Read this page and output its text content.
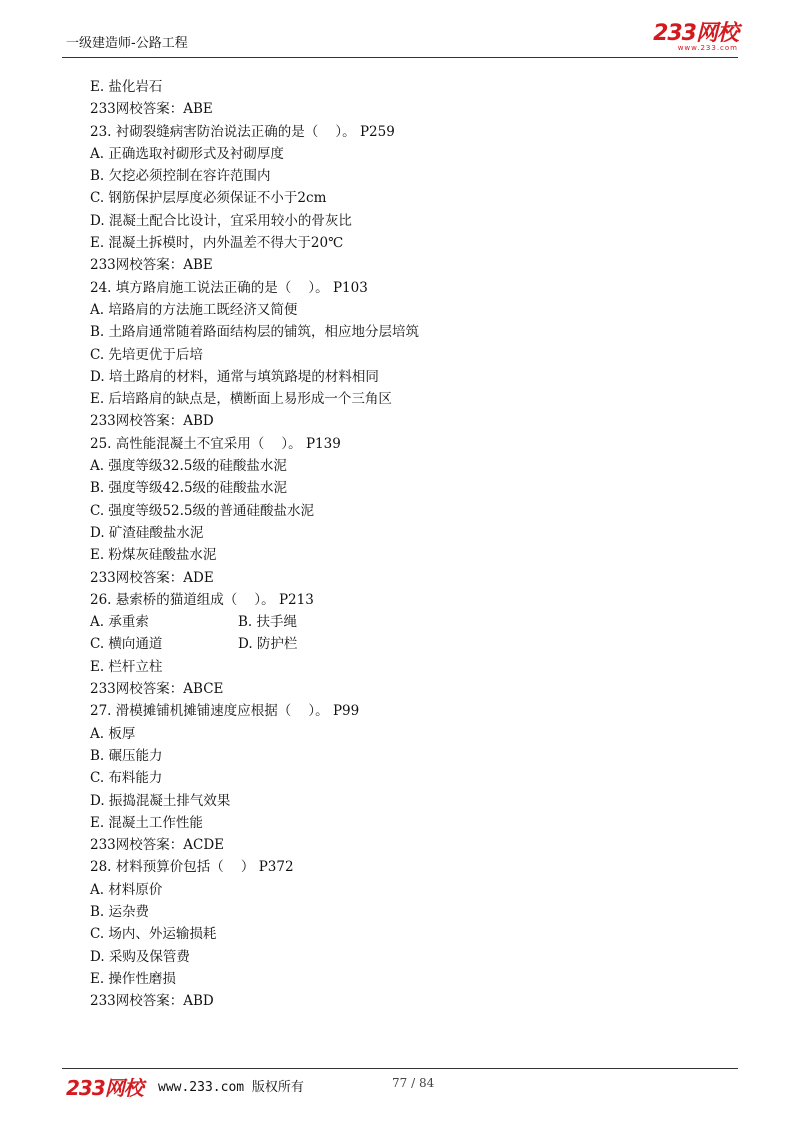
一级建造师-公路工程	233网校
www.233.com
E. 盐化岩石
233网校答案：ABE
23. 衬砌裂缝病害防治说法正确的是（    ）。 P259
A. 正确选取衬砌形式及衬砌厚度
B. 欠挖必须控制在容许范围内
C. 钢筋保护层厚度必须保证不小于2cm
D. 混凝土配合比设计，宜采用较小的骨灰比
E. 混凝土拆模时，内外温差不得大于20℃
233网校答案：ABE
24. 填方路肩施工说法正确的是（    ）。 P103
A. 培路肩的方法施工既经济又简便
B. 土路肩通常随着路面结构层的铺筑，相应地分层培筑
C. 先培更优于后培
D. 培土路肩的材料，通常与填筑路堤的材料相同
E. 后培路肩的缺点是，横断面上易形成一个三角区
233网校答案：ABD
25. 高性能混凝土不宜采用（    ）。 P139
A. 强度等级32.5级的硅酸盐水泥
B. 强度等级42.5级的硅酸盐水泥
C. 强度等级52.5级的普通硅酸盐水泥
D. 矿渣硅酸盐水泥
E. 粉煤灰硅酸盐水泥
233网校答案：ADE
26. 悬索桥的猫道组成（    ）。 P213
A. 承重索	B. 扶手绳
C. 横向通道	D. 防护栏
E. 栏杆立柱
233网校答案：ABCE
27. 滑模摊铺机摊铺速度应根据（    ）。 P99
A. 板厚
B. 碾压能力
C. 布料能力
D. 振捣混凝土排气效果
E. 混凝土工作性能
233网校答案：ACDE
28. 材料预算价包括（    ） P372
A. 材料原价
B. 运杂费
C. 场内、外运输损耗
D. 采购及保管费
E. 操作性磨损
233网校答案：ABD
233网校 www.233.com 版权所有	77 / 84
